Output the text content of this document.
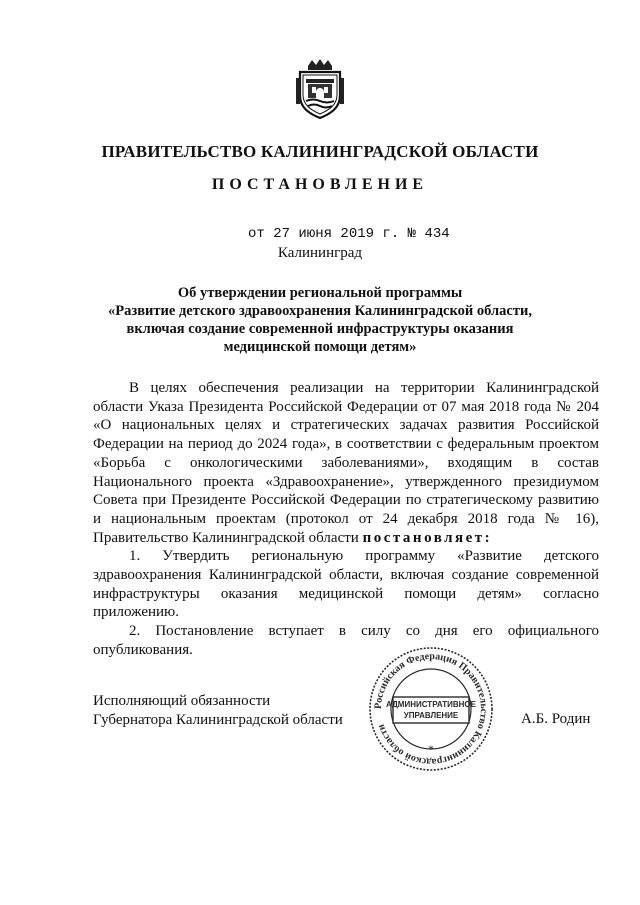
ПРАВИТЕЛЬСТВО КАЛИНИНГРАДСКОЙ ОБЛАСТИ
ПОСТАНОВЛЕНИЕ
от 27 июня 2019 г. № 434
Калининград
Об утверждении региональной программы
«Развитие детского здравоохранения Калининградской области,
включая создание современной инфраструктуры оказания
медицинской помощи детям»

В целях обеспечения реализации на территории Калининградской области Указа Президента Российской Федерации от 07 мая 2018 года № 204 «О национальных целях и стратегических задачах развития Российской Федерации на период до 2024 года», в соответствии с федеральным проектом «Борьба с онкологическими заболеваниями», входящим в состав Национального проекта «Здравоохранение», утвержденного президиумом Совета при Президенте Российской Федерации по стратегическому развитию и национальным проектам (протокол от 24 декабря 2018 года № 16), Правительство Калининградской области постановляет:

1. Утвердить региональную программу «Развитие детского здравоохранения Калининградской области, включая создание современной инфраструктуры оказания медицинской помощи детям» согласно приложению.

2. Постановление вступает в силу со дня его официального опубликования.

Исполняющий обязанности
Губернатора Калининградской области
Российская Федерация Правительство Калининградской области
АДМИНИСТРАТИВНОЕ
УПРАВЛЕНИЕ
*
А.Б. Родин
